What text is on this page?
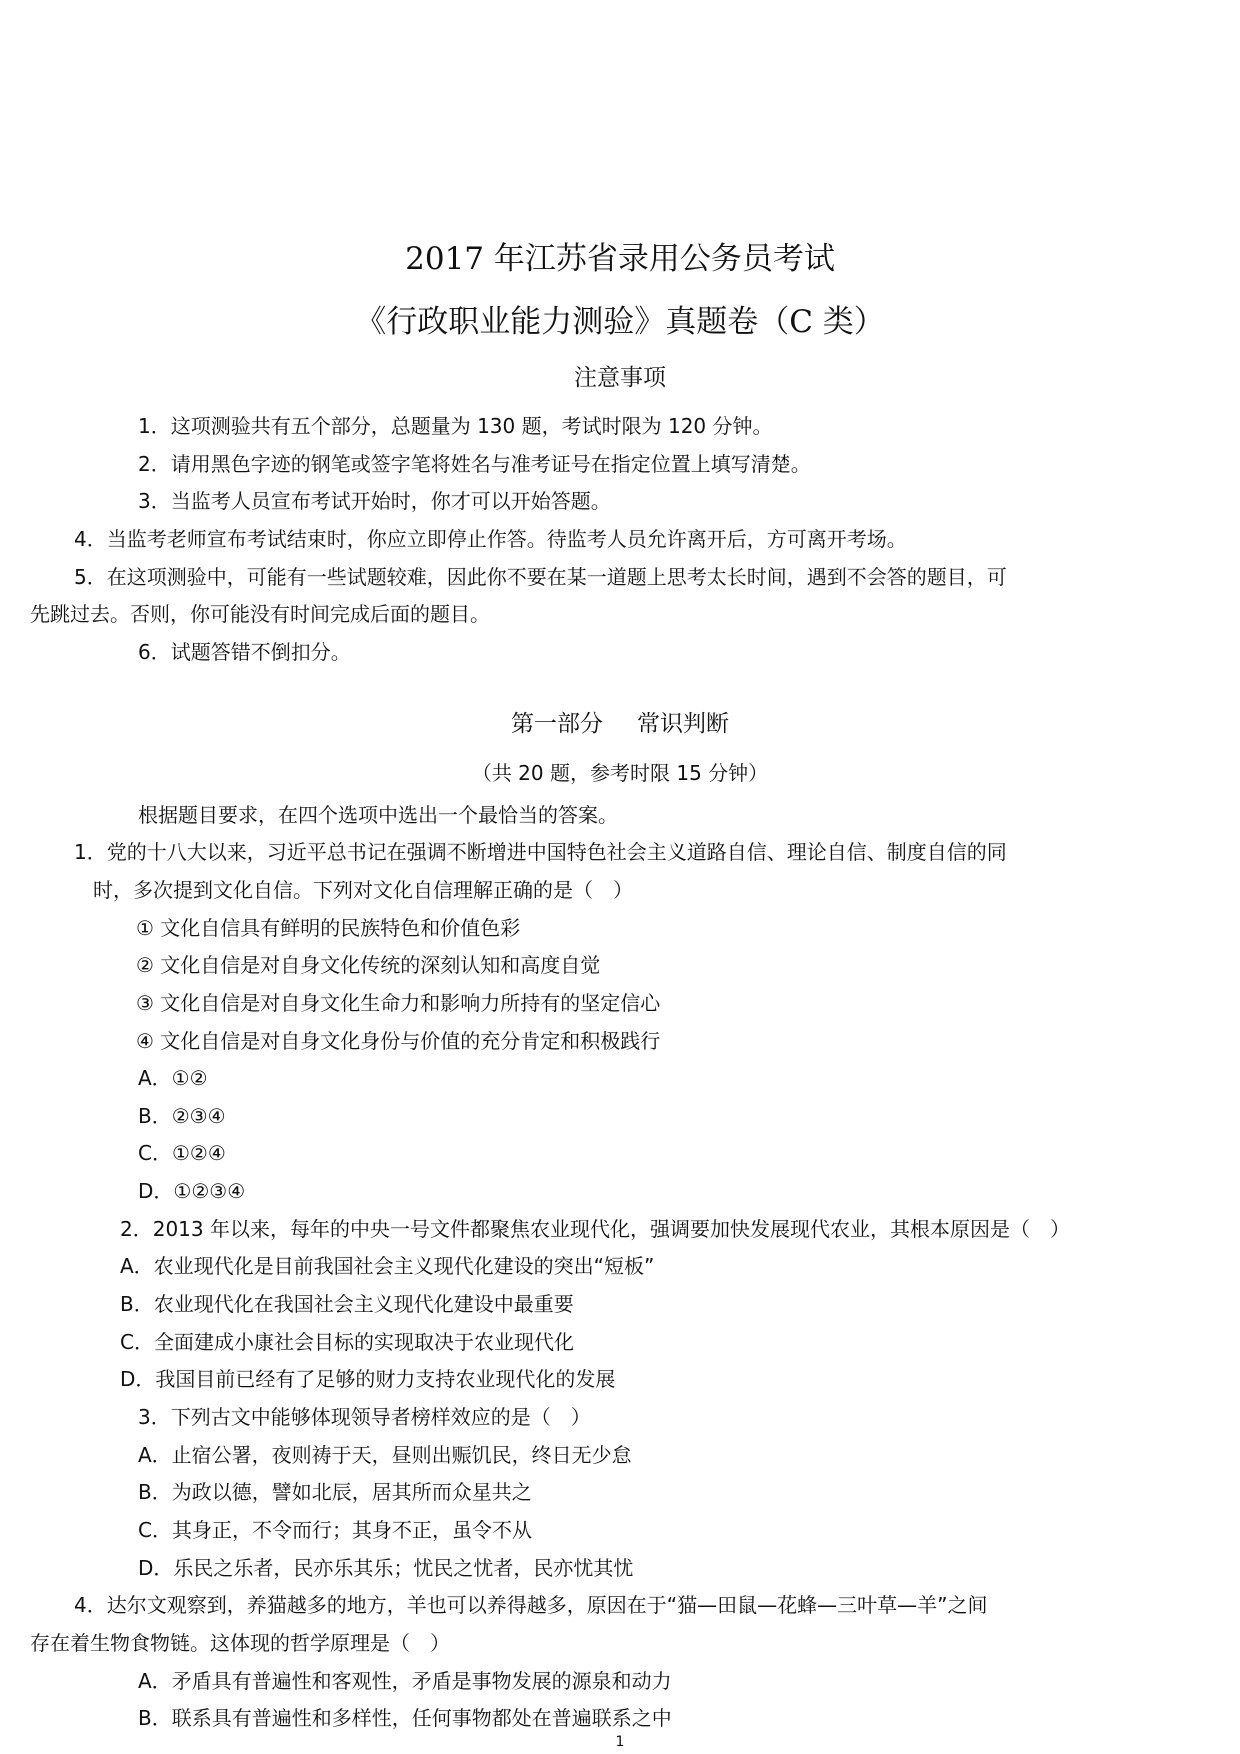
2017 年江苏省录用公务员考试
《行政职业能力测验》真题卷（C 类）
注意事项
1．这项测验共有五个部分，总题量为 130 题，考试时限为 120 分钟。
2．请用黑色字迹的钢笔或签字笔将姓名与准考证号在指定位置上填写清楚。
3．当监考人员宣布考试开始时，你才可以开始答题。
4．当监考老师宣布考试结束时，你应立即停止作答。待监考人员允许离开后，方可离开考场。
5．在这项测验中，可能有一些试题较难，因此你不要在某一道题上思考太长时间，遇到不会答的题目，可
先跳过去。否则，你可能没有时间完成后面的题目。
6．试题答错不倒扣分。
第一部分 常识判断
（共 20 题，参考时限 15 分钟）
根据题目要求，在四个选项中选出一个最恰当的答案。
1．党的十八大以来，习近平总书记在强调不断增进中国特色社会主义道路自信、理论自信、制度自信的同
时，多次提到文化自信。下列对文化自信理解正确的是（　）
① 文化自信具有鲜明的民族特色和价值色彩
② 文化自信是对自身文化传统的深刻认知和高度自觉
③ 文化自信是对自身文化生命力和影响力所持有的坚定信心
④ 文化自信是对自身文化身份与价值的充分肯定和积极践行
A．①②
B．②③④
C．①②④
D．①②③④
2．2013 年以来，每年的中央一号文件都聚焦农业现代化，强调要加快发展现代农业，其根本原因是（　）
A．农业现代化是目前我国社会主义现代化建设的突出“短板”
B．农业现代化在我国社会主义现代化建设中最重要
C．全面建成小康社会目标的实现取决于农业现代化
D．我国目前已经有了足够的财力支持农业现代化的发展
3．下列古文中能够体现领导者榜样效应的是（　）
A．止宿公署，夜则祷于天，昼则出赈饥民，终日无少怠
B．为政以德，譬如北辰，居其所而众星共之
C．其身正，不令而行；其身不正，虽令不从
D．乐民之乐者，民亦乐其乐；忧民之忧者，民亦忧其忧
4．达尔文观察到，养猫越多的地方，羊也可以养得越多，原因在于“猫—田鼠—花蜂—三叶草—羊”之间
存在着生物食物链。这体现的哲学原理是（　）
A．矛盾具有普遍性和客观性，矛盾是事物发展的源泉和动力
B．联系具有普遍性和多样性，任何事物都处在普遍联系之中
1
